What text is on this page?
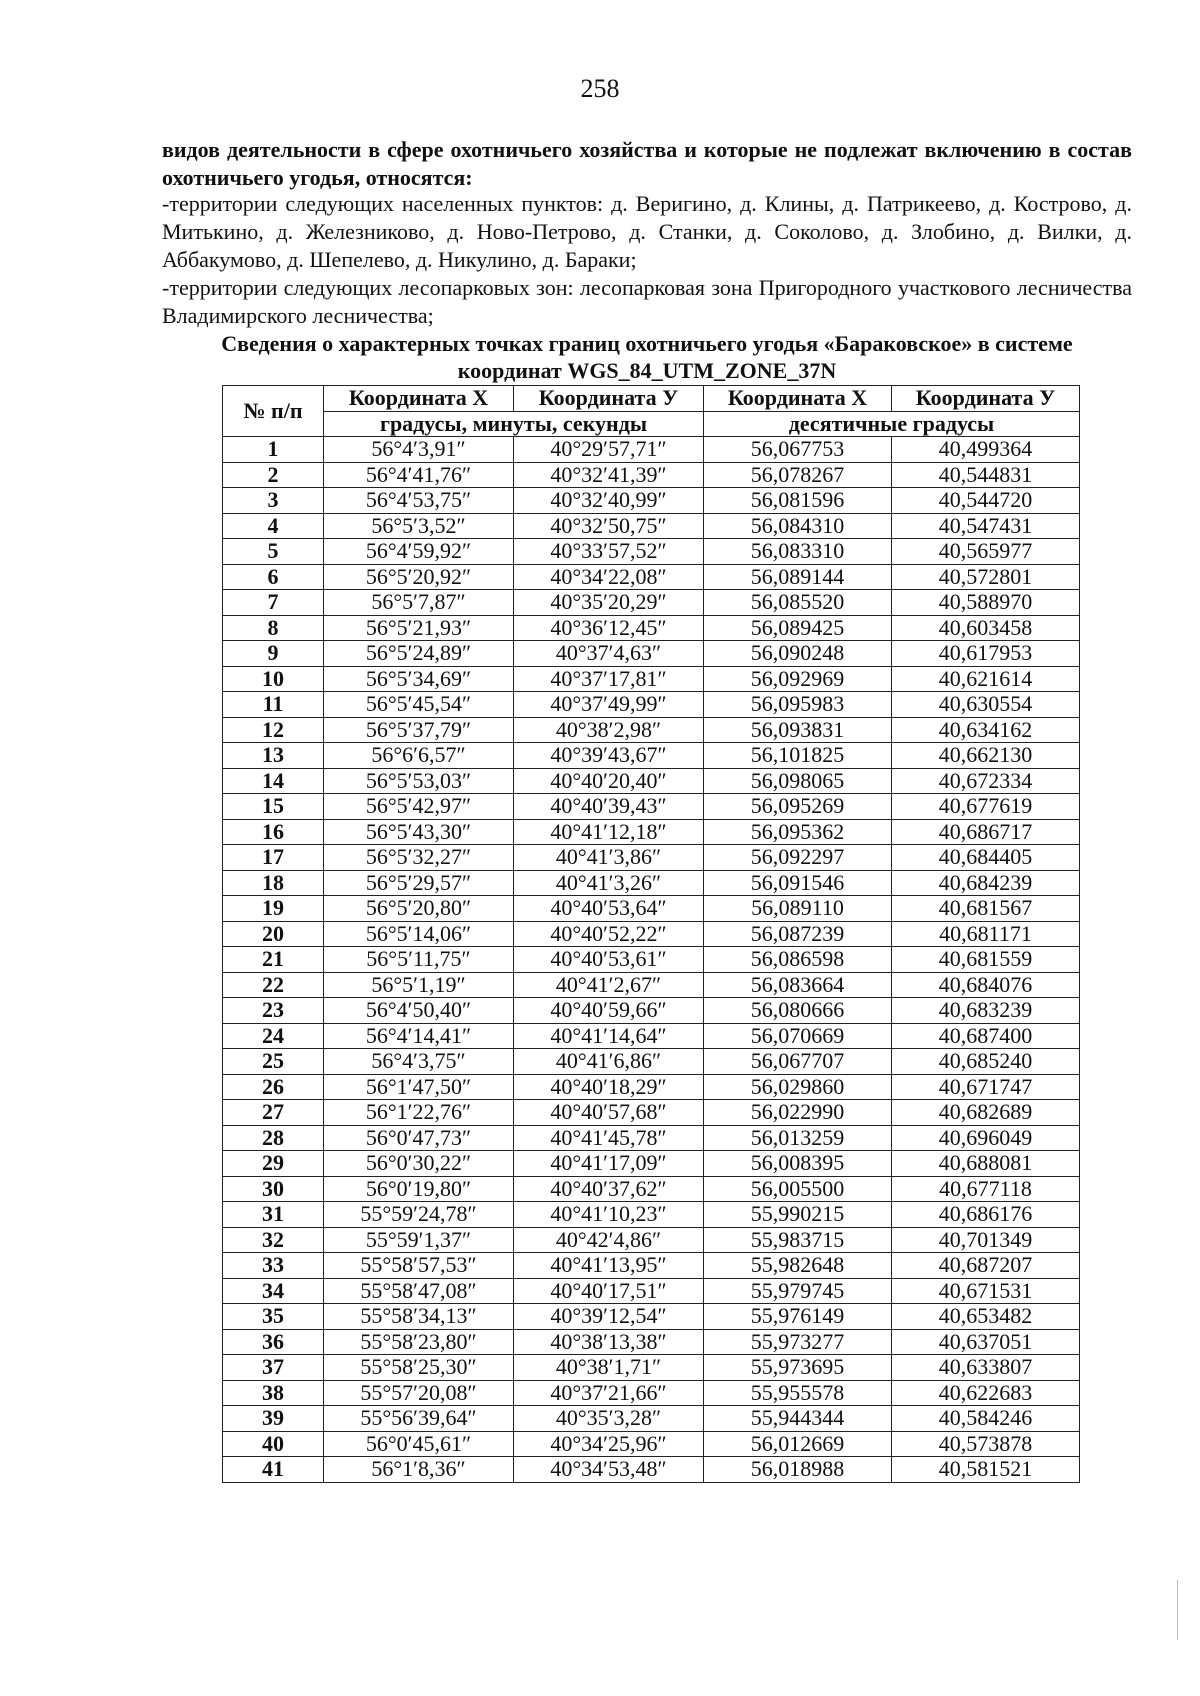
258

видов деятельности в сфере охотничьего хозяйства и которые не подлежат включению в состав охотничьего угодья, относятся:

-территории следующих населенных пунктов: д. Веригино, д. Клины, д. Патрикеево, д. Кострово, д. Митькино, д. Железниково, д. Ново-Петрово, д. Станки, д. Соколово, д. Злобино, д. Вилки, д. Аббакумово, д. Шепелево, д. Никулино, д. Бараки;

-территории следующих лесопарковых зон: лесопарковая зона Пригородного участкового лесничества Владимирского лесничества;

Сведения о характерных точках границ охотничьего угодья «Бараковское» в системе
координат WGS_84_UTM_ZONE_37N
№ п/п	Координата X	Координата У	Координата X	Координата У
	градусы, минуты, секунды		десятичные градусы	
1	56°4′3,91″	40°29′57,71″	56,067753	40,499364
2	56°4′41,76″	40°32′41,39″	56,078267	40,544831
3	56°4′53,75″	40°32′40,99″	56,081596	40,544720
4	56°5′3,52″	40°32′50,75″	56,084310	40,547431
5	56°4′59,92″	40°33′57,52″	56,083310	40,565977
6	56°5′20,92″	40°34′22,08″	56,089144	40,572801
7	56°5′7,87″	40°35′20,29″	56,085520	40,588970
8	56°5′21,93″	40°36′12,45″	56,089425	40,603458
9	56°5′24,89″	40°37′4,63″	56,090248	40,617953
10	56°5′34,69″	40°37′17,81″	56,092969	40,621614
11	56°5′45,54″	40°37′49,99″	56,095983	40,630554
12	56°5′37,79″	40°38′2,98″	56,093831	40,634162
13	56°6′6,57″	40°39′43,67″	56,101825	40,662130
14	56°5′53,03″	40°40′20,40″	56,098065	40,672334
15	56°5′42,97″	40°40′39,43″	56,095269	40,677619
16	56°5′43,30″	40°41′12,18″	56,095362	40,686717
17	56°5′32,27″	40°41′3,86″	56,092297	40,684405
18	56°5′29,57″	40°41′3,26″	56,091546	40,684239
19	56°5′20,80″	40°40′53,64″	56,089110	40,681567
20	56°5′14,06″	40°40′52,22″	56,087239	40,681171
21	56°5′11,75″	40°40′53,61″	56,086598	40,681559
22	56°5′1,19″	40°41′2,67″	56,083664	40,684076
23	56°4′50,40″	40°40′59,66″	56,080666	40,683239
24	56°4′14,41″	40°41′14,64″	56,070669	40,687400
25	56°4′3,75″	40°41′6,86″	56,067707	40,685240
26	56°1′47,50″	40°40′18,29″	56,029860	40,671747
27	56°1′22,76″	40°40′57,68″	56,022990	40,682689
28	56°0′47,73″	40°41′45,78″	56,013259	40,696049
29	56°0′30,22″	40°41′17,09″	56,008395	40,688081
30	56°0′19,80″	40°40′37,62″	56,005500	40,677118
31	55°59′24,78″	40°41′10,23″	55,990215	40,686176
32	55°59′1,37″	40°42′4,86″	55,983715	40,701349
33	55°58′57,53″	40°41′13,95″	55,982648	40,687207
34	55°58′47,08″	40°40′17,51″	55,979745	40,671531
35	55°58′34,13″	40°39′12,54″	55,976149	40,653482
36	55°58′23,80″	40°38′13,38″	55,973277	40,637051
37	55°58′25,30″	40°38′1,71″	55,973695	40,633807
38	55°57′20,08″	40°37′21,66″	55,955578	40,622683
39	55°56′39,64″	40°35′3,28″	55,944344	40,584246
40	56°0′45,61″	40°34′25,96″	56,012669	40,573878
41	56°1′8,36″	40°34′53,48″	56,018988	40,581521
